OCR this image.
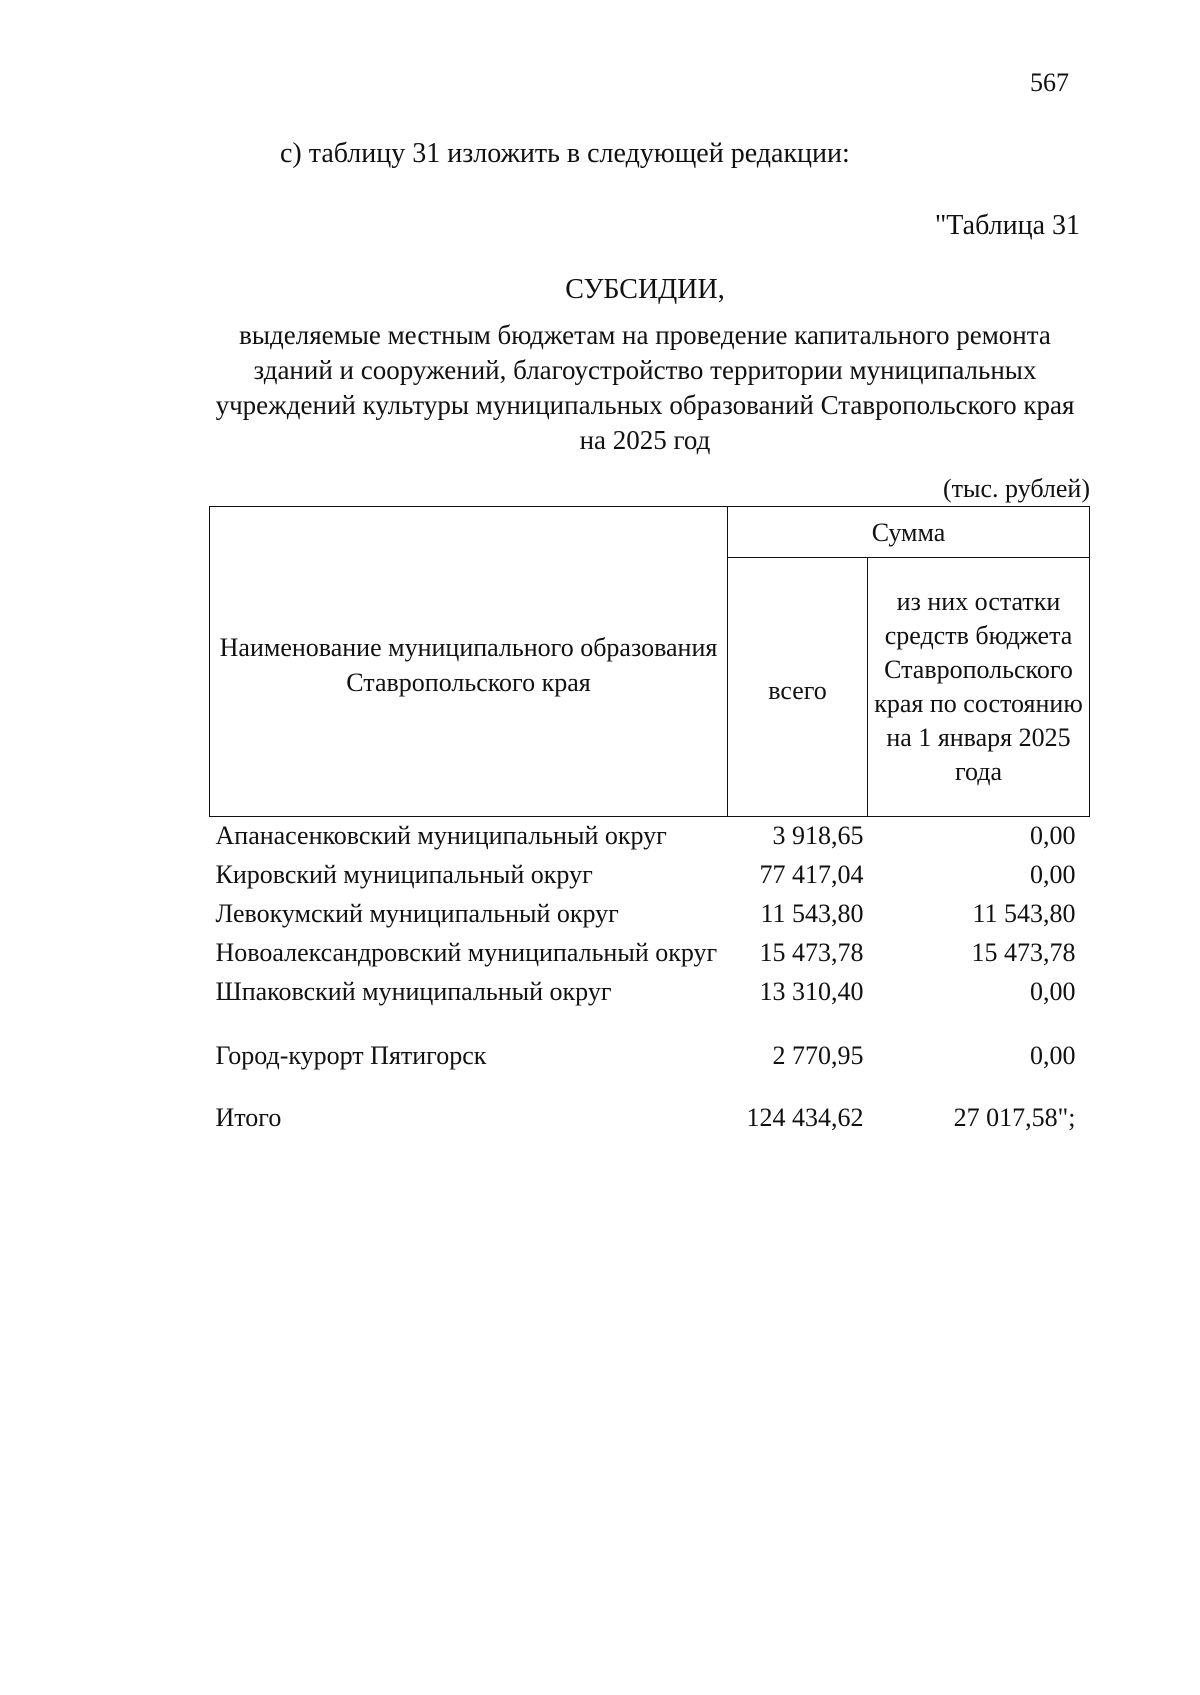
567
с) таблицу 31 изложить в следующей редакции:
"Таблица 31
СУБСИДИИ,
выделяемые местным бюджетам на проведение капитального ремонта зданий и сооружений, благоустройство территории муниципальных учреждений культуры муниципальных образований Ставропольского края на 2025 год
(тыс. рублей)
Наименование муниципального образования Ставропольского края	Сумма	
	всего	из них остатки средств бюджета Ставропольского края по состоянию на 1 января 2025 года
Апанасенковский муниципальный округ	3 918,65	0,00
Кировский муниципальный округ	77 417,04	0,00
Левокумский муниципальный округ	11 543,80	11 543,80
Новоалександровский муниципальный округ	15 473,78	15 473,78
Шпаковский муниципальный округ	13 310,40	0,00
Город-курорт Пятигорск	2 770,95	0,00
Итого	124 434,62	27 017,58";
